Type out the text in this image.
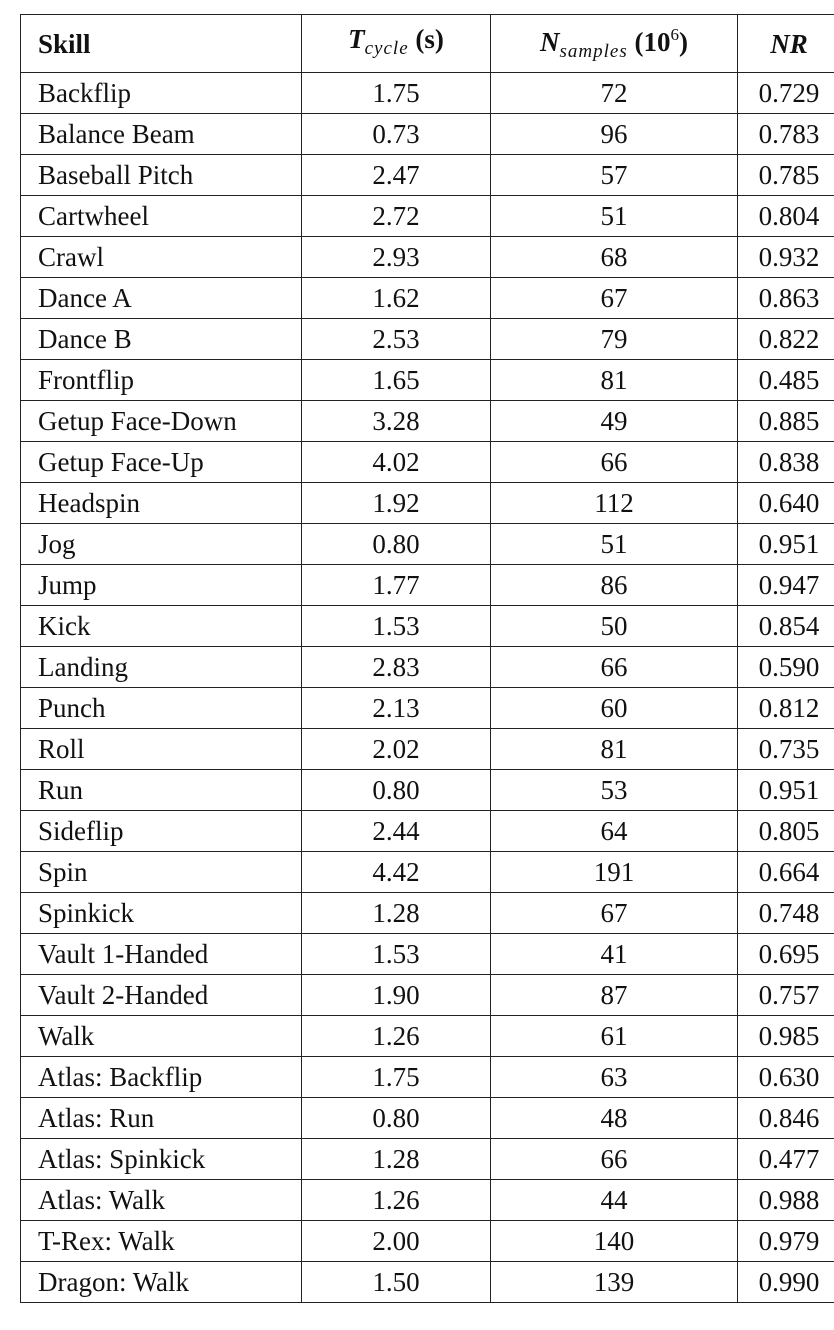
Skill	$T_{cycle}$ (s)	$N_{samples}$ $(10^6)$	NR
Backflip	1.75	72	0.729
Balance Beam	0.73	96	0.783
Baseball Pitch	2.47	57	0.785
Cartwheel	2.72	51	0.804
Crawl	2.93	68	0.932
Dance A	1.62	67	0.863
Dance B	2.53	79	0.822
Frontflip	1.65	81	0.485
Getup Face-Down	3.28	49	0.885
Getup Face-Up	4.02	66	0.838
Headspin	1.92	112	0.640
Jog	0.80	51	0.951
Jump	1.77	86	0.947
Kick	1.53	50	0.854
Landing	2.83	66	0.590
Punch	2.13	60	0.812
Roll	2.02	81	0.735
Run	0.80	53	0.951
Sideflip	2.44	64	0.805
Spin	4.42	191	0.664
Spinkick	1.28	67	0.748
Vault 1-Handed	1.53	41	0.695
Vault 2-Handed	1.90	87	0.757
Walk	1.26	61	0.985
Atlas: Backflip	1.75	63	0.630
Atlas: Run	0.80	48	0.846
Atlas: Spinkick	1.28	66	0.477
Atlas: Walk	1.26	44	0.988
T-Rex: Walk	2.00	140	0.979
Dragon: Walk	1.50	139	0.990
